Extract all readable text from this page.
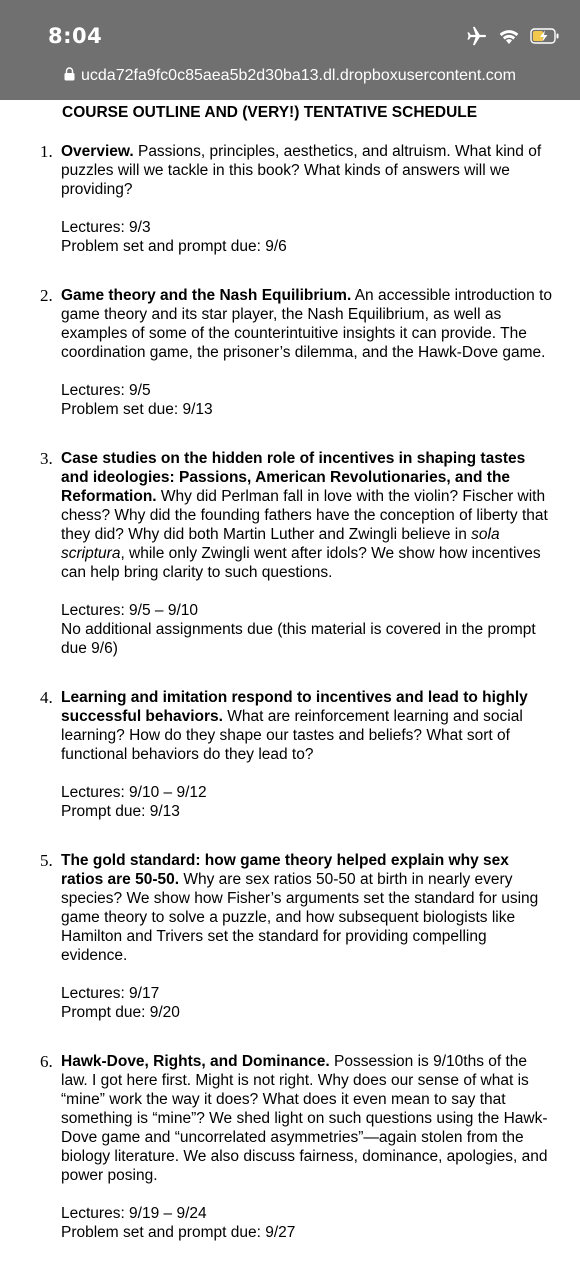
8:04
ucda72fa9fc0c85aea5b2d30ba13.dl.dropboxusercontent.com
COURSE OUTLINE AND (VERY!) TENTATIVE SCHEDULE
1. Overview. Passions, principles, aesthetics, and altruism. What kind of puzzles will we tackle in this book? What kinds of answers will we providing?
Lectures: 9/3
Problem set and prompt due: 9/6
2. Game theory and the Nash Equilibrium. An accessible introduction to game theory and its star player, the Nash Equilibrium, as well as examples of some of the counterintuitive insights it can provide. The coordination game, the prisoner’s dilemma, and the Hawk-Dove game.
Lectures: 9/5
Problem set due: 9/13
3. Case studies on the hidden role of incentives in shaping tastes and ideologies: Passions, American Revolutionaries, and the Reformation. Why did Perlman fall in love with the violin? Fischer with chess? Why did the founding fathers have the conception of liberty that they did? Why did both Martin Luther and Zwingli believe in sola scriptura, while only Zwingli went after idols? We show how incentives can help bring clarity to such questions.
Lectures: 9/5 – 9/10
No additional assignments due (this material is covered in the prompt due 9/6)
4. Learning and imitation respond to incentives and lead to highly successful behaviors. What are reinforcement learning and social learning? How do they shape our tastes and beliefs? What sort of functional behaviors do they lead to?
Lectures: 9/10 – 9/12
Prompt due: 9/13
5. The gold standard: how game theory helped explain why sex ratios are 50-50. Why are sex ratios 50-50 at birth in nearly every species? We show how Fisher’s arguments set the standard for using game theory to solve a puzzle, and how subsequent biologists like Hamilton and Trivers set the standard for providing compelling evidence.
Lectures: 9/17
Prompt due: 9/20
6. Hawk-Dove, Rights, and Dominance. Possession is 9/10ths of the law. I got here first. Might is not right. Why does our sense of what is “mine” work the way it does? What does it even mean to say that something is “mine”? We shed light on such questions using the Hawk-Dove game and “uncorrelated asymmetries”—again stolen from the biology literature. We also discuss fairness, dominance, apologies, and power posing.
Lectures: 9/19 – 9/24
Problem set and prompt due: 9/27
